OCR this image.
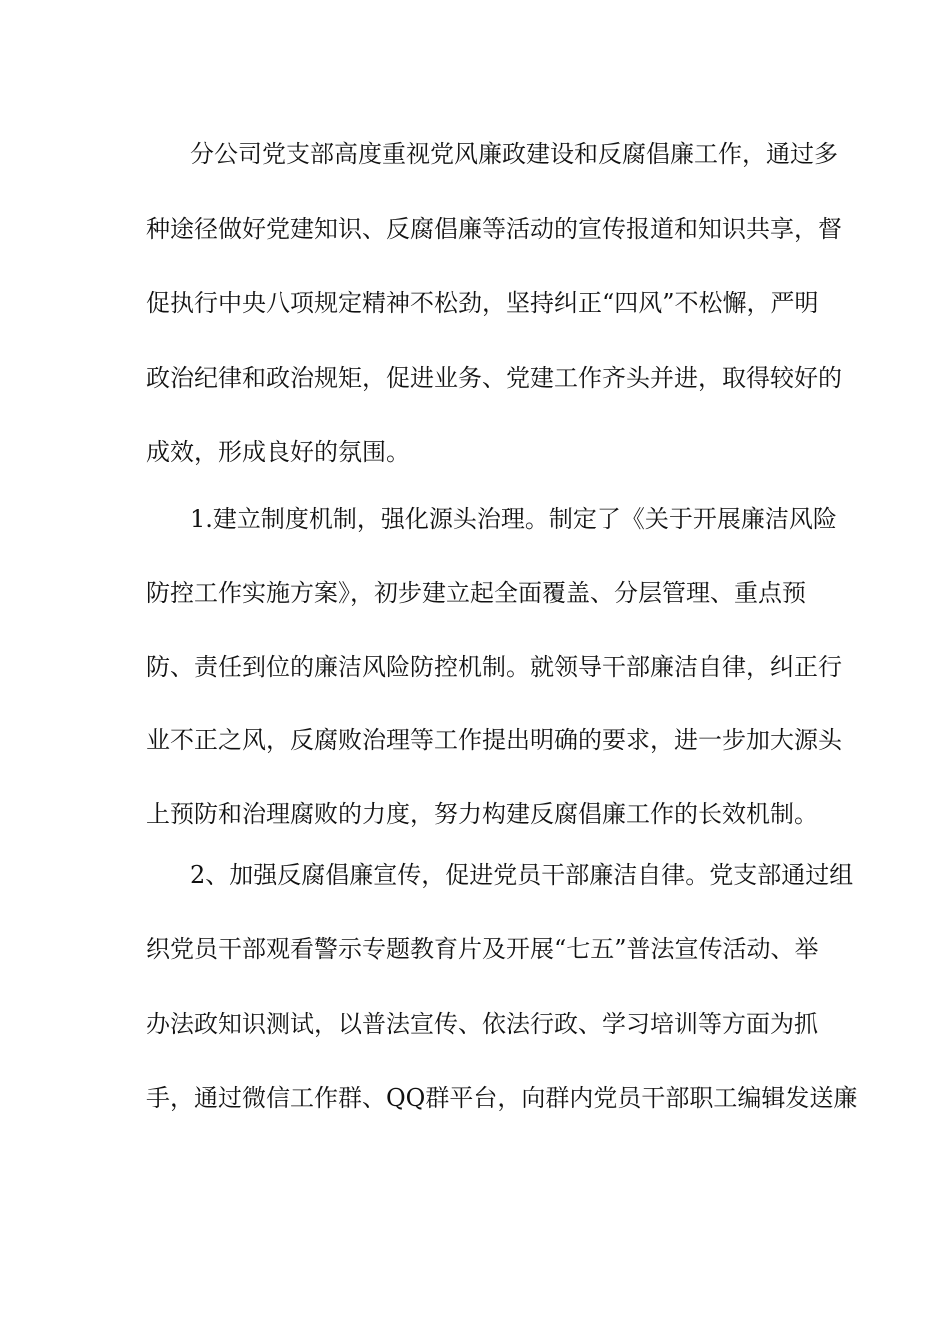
分公司党支部高度重视党风廉政建设和反腐倡廉工作，通过多

种途径做好党建知识、反腐倡廉等活动的宣传报道和知识共享，督

促执行中央八项规定精神不松劲，坚持纠正“四风”不松懈，严明

政治纪律和政治规矩，促进业务、党建工作齐头并进，取得较好的

成效，形成良好的氛围。

1.建立制度机制，强化源头治理。制定了《关于开展廉洁风险

防控工作实施方案》，初步建立起全面覆盖、分层管理、重点预

防、责任到位的廉洁风险防控机制。就领导干部廉洁自律，纠正行

业不正之风，反腐败治理等工作提出明确的要求，进一步加大源头

上预防和治理腐败的力度，努力构建反腐倡廉工作的长效机制。

2、加强反腐倡廉宣传，促进党员干部廉洁自律。党支部通过组

织党员干部观看警示专题教育片及开展“七五”普法宣传活动、举

办法政知识测试，以普法宣传、依法行政、学习培训等方面为抓

手，通过微信工作群、QQ群平台，向群内党员干部职工编辑发送廉
